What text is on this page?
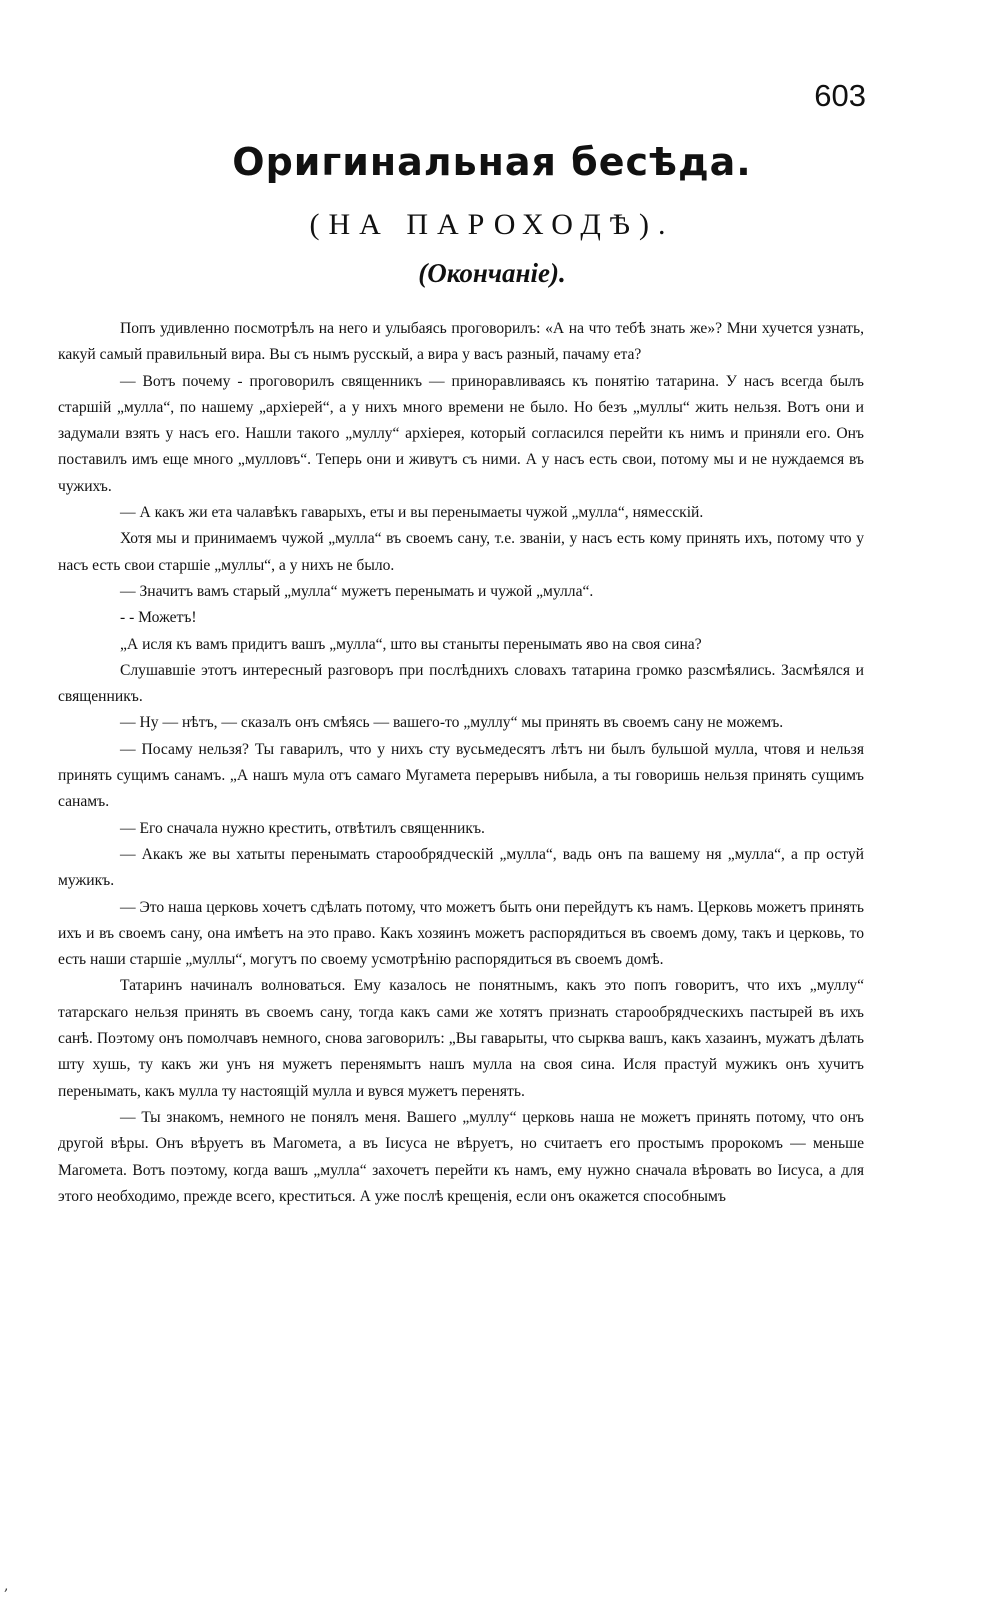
603
Оригинальная бесѣда.
(НА ПАРОХОДѢ).
(Окончаніе).

Попъ удивленно посмотрѣлъ на него и улыбаясь проговорилъ: «А на что тебѣ знать же»? Мни хучется узнать, какуй самый правильный вира. Вы съ нымъ русскый, а вира у васъ разный, пачаму ета?

— Вотъ почему - проговорилъ священникъ — приноравливаясь къ понятію татарина. У насъ всегда былъ старшій „мулла“, по нашему „архіерей“, а у нихъ много времени не было. Но безъ „муллы“ жить нельзя. Вотъ они и задумали взять у насъ его. Нашли такого „муллу“ архіерея, который согласился перейти къ нимъ и приняли его. Онъ поставилъ имъ еще много „мулловъ“. Теперь они и живутъ съ ними. А у насъ есть свои, потому мы и не нуждаемся въ чужихъ.

— А какъ жи ета чалавѣкъ гаварыхъ, еты и вы перенымаеты чужой „мулла“, нямесскій.

Хотя мы и принимаемъ чужой „мулла“ въ своемъ сану, т.е. званіи, у насъ есть кому принять ихъ, потому что у насъ есть свои старшіе „муллы“, а у нихъ не было.

— Значитъ вамъ старый „мулла“ мужетъ перенымать и чужой „мулла“.

- - Можетъ!

„А исля къ вамъ придитъ вашъ „мулла“, што вы станыты перенымать яво на своя сина?

Слушавшіе этотъ интересный разговоръ при послѣднихъ словахъ татарина громко разсмѣялись. Засмѣялся и священникъ.

— Ну — нѣтъ, — сказалъ онъ смѣясь — вашего-то „муллу“ мы принять въ своемъ сану не можемъ.

— Посаму нельзя? Ты гаварилъ, что у нихъ сту вусьмедесятъ лѣтъ ни былъ бульшой мулла, чтовя и нельзя принять сущимъ санамъ. „А нашъ мула отъ самаго Мугамета перерывъ нибыла, а ты говоришь нельзя принять сущимъ санамъ.

— Его сначала нужно крестить, отвѣтилъ священникъ.

— Акакъ же вы хатыты перенымать старообрядческій „мулла“, вадь онъ па вашему ня „мулла“, а пр остуй мужикъ.

— Это наша церковь хочетъ сдѣлать потому, что можетъ быть они перейдутъ къ намъ. Церковь можетъ принять ихъ и въ своемъ сану, она имѣетъ на это право. Какъ хозяинъ можетъ распорядиться въ своемъ дому, такъ и церковь, то есть наши старшіе „муллы“, могутъ по своему усмотрѣнію распорядиться въ своемъ домѣ.

Татаринъ начиналъ волноваться. Ему казалось не понятнымъ, какъ это попъ говоритъ, что ихъ „муллу“ татарскаго нельзя принять въ своемъ сану, тогда какъ сами же хотятъ признать старообрядческихъ пастырей въ ихъ санѣ. Поэтому онъ помолчавъ немного, снова заговорилъ: „Вы гаварыты, что сырква вашъ, какъ хазаинъ, мужатъ дѣлать шту хушь, ту какъ жи унъ ня мужетъ перенямытъ нашъ мулла на своя сина. Исля прастуй мужикъ онъ хучитъ перенымать, какъ мулла ту настоящій мулла и вувся мужетъ перенять.

— Ты знакомъ, немного не понялъ меня. Вашего „муллу“ церковь наша не можетъ принять потому, что онъ другой вѣры. Онъ вѣруетъ въ Магомета, а въ Іисуса не вѣруетъ, но считаетъ его простымъ пророкомъ — меньше Магомета. Вотъ поэтому, когда вашъ „мулла“ захочетъ перейти къ намъ, ему нужно сначала вѣровать во Іисуса, а для этого необходимо, прежде всего, креститься. А уже послѣ крещенія, если онъ окажется способнымъ

,
